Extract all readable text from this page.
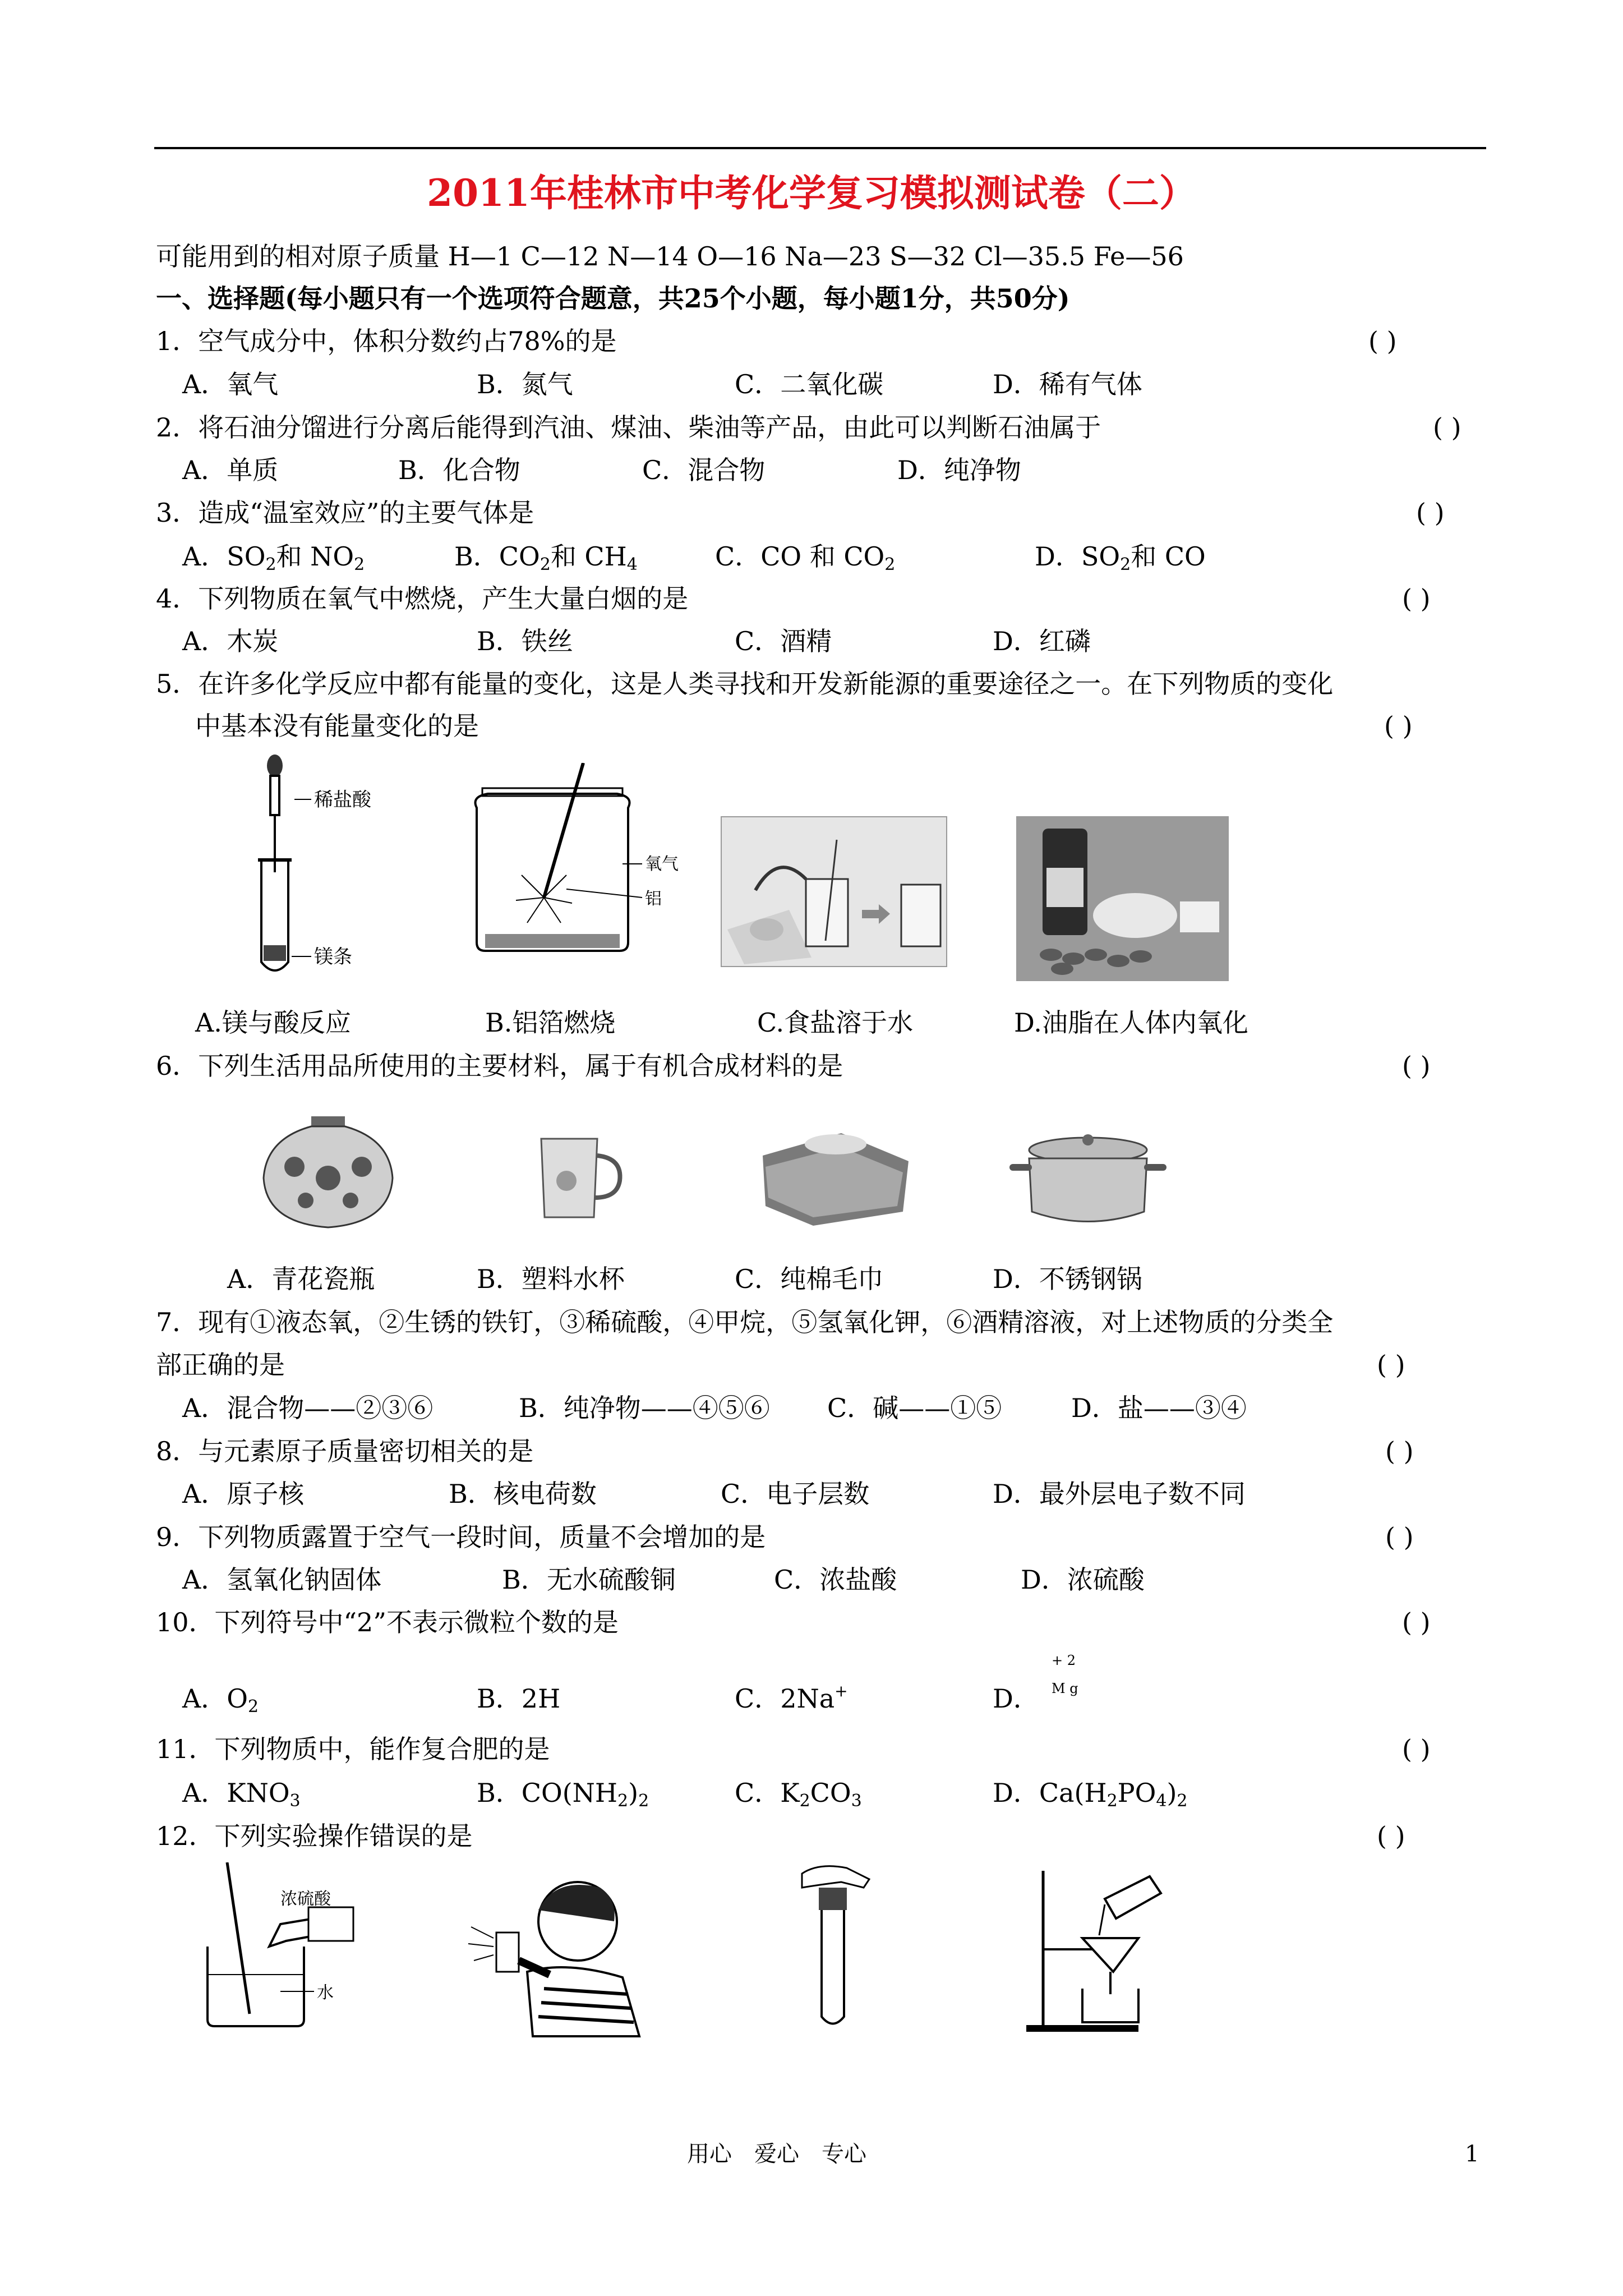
2011年桂林市中考化学复习模拟测试卷（二）
可能用到的相对原子质量 H—1 C—12 N—14 O—16 Na—23 S—32 Cl—35.5 Fe—56
一、选择题(每小题只有一个选项符合题意，共25个小题，每小题1分，共50分)
1．空气成分中，体积分数约占78%的是	( )
A．氧气	B．氮气	C．二氧化碳	D．稀有气体
2．将石油分馏进行分离后能得到汽油、煤油、柴油等产品，由此可以判断石油属于	( )
A．单质	B．化合物	C．混合物	D．纯净物
3．造成“温室效应”的主要气体是	( )
A．$SO_2$和 $NO_2$	B．$CO_2$和 $CH_4$	C．CO 和 $CO_2$	D．$SO_2$和 CO
4．下列物质在氧气中燃烧，产生大量白烟的是	( )
A．木炭	B．铁丝	C．酒精	D．红磷
5．在许多化学反应中都有能量的变化，这是人类寻找和开发新能源的重要途径之一。在下列物质的变化
中基本没有能量变化的是	( )
稀盐酸
镁条
氧气
铝
A.镁与酸反应	B.铝箔燃烧	C.食盐溶于水	D.油脂在人体内氧化
6．下列生活用品所使用的主要材料，属于有机合成材料的是	( )
A．青花瓷瓶	B．塑料水杯	C．纯棉毛巾	D．不锈钢锅
7．现有①液态氧，②生锈的铁钉，③稀硫酸，④甲烷，⑤氢氧化钾，⑥酒精溶液，对上述物质的分类全
部正确的是	( )
A．混合物——②③⑥	B．纯净物——④⑤⑥ C．碱——①⑤	D．盐——③④
8．与元素原子质量密切相关的是	( )
A．原子核	B．核电荷数	C．电子层数	D．最外层电子数不同
9．下列物质露置于空气一段时间，质量不会增加的是	( )
A．氢氧化钠固体	B．无水硫酸铜	C．浓盐酸	D．浓硫酸
10．下列符号中“2”不表示微粒个数的是	( )
A．$O_2$	B．2H	C．2Na+	D．
+ 2
M g
11．下列物质中，能作复合肥的是	( )
A．$KNO_3$	B．$CO(NH_2)_2$	C．$K_2CO_3$	D．$Ca(H_2PO_4)_2$
12．下列实验操作错误的是	( )
浓硫酸
水
用心　爱心　专心	1
